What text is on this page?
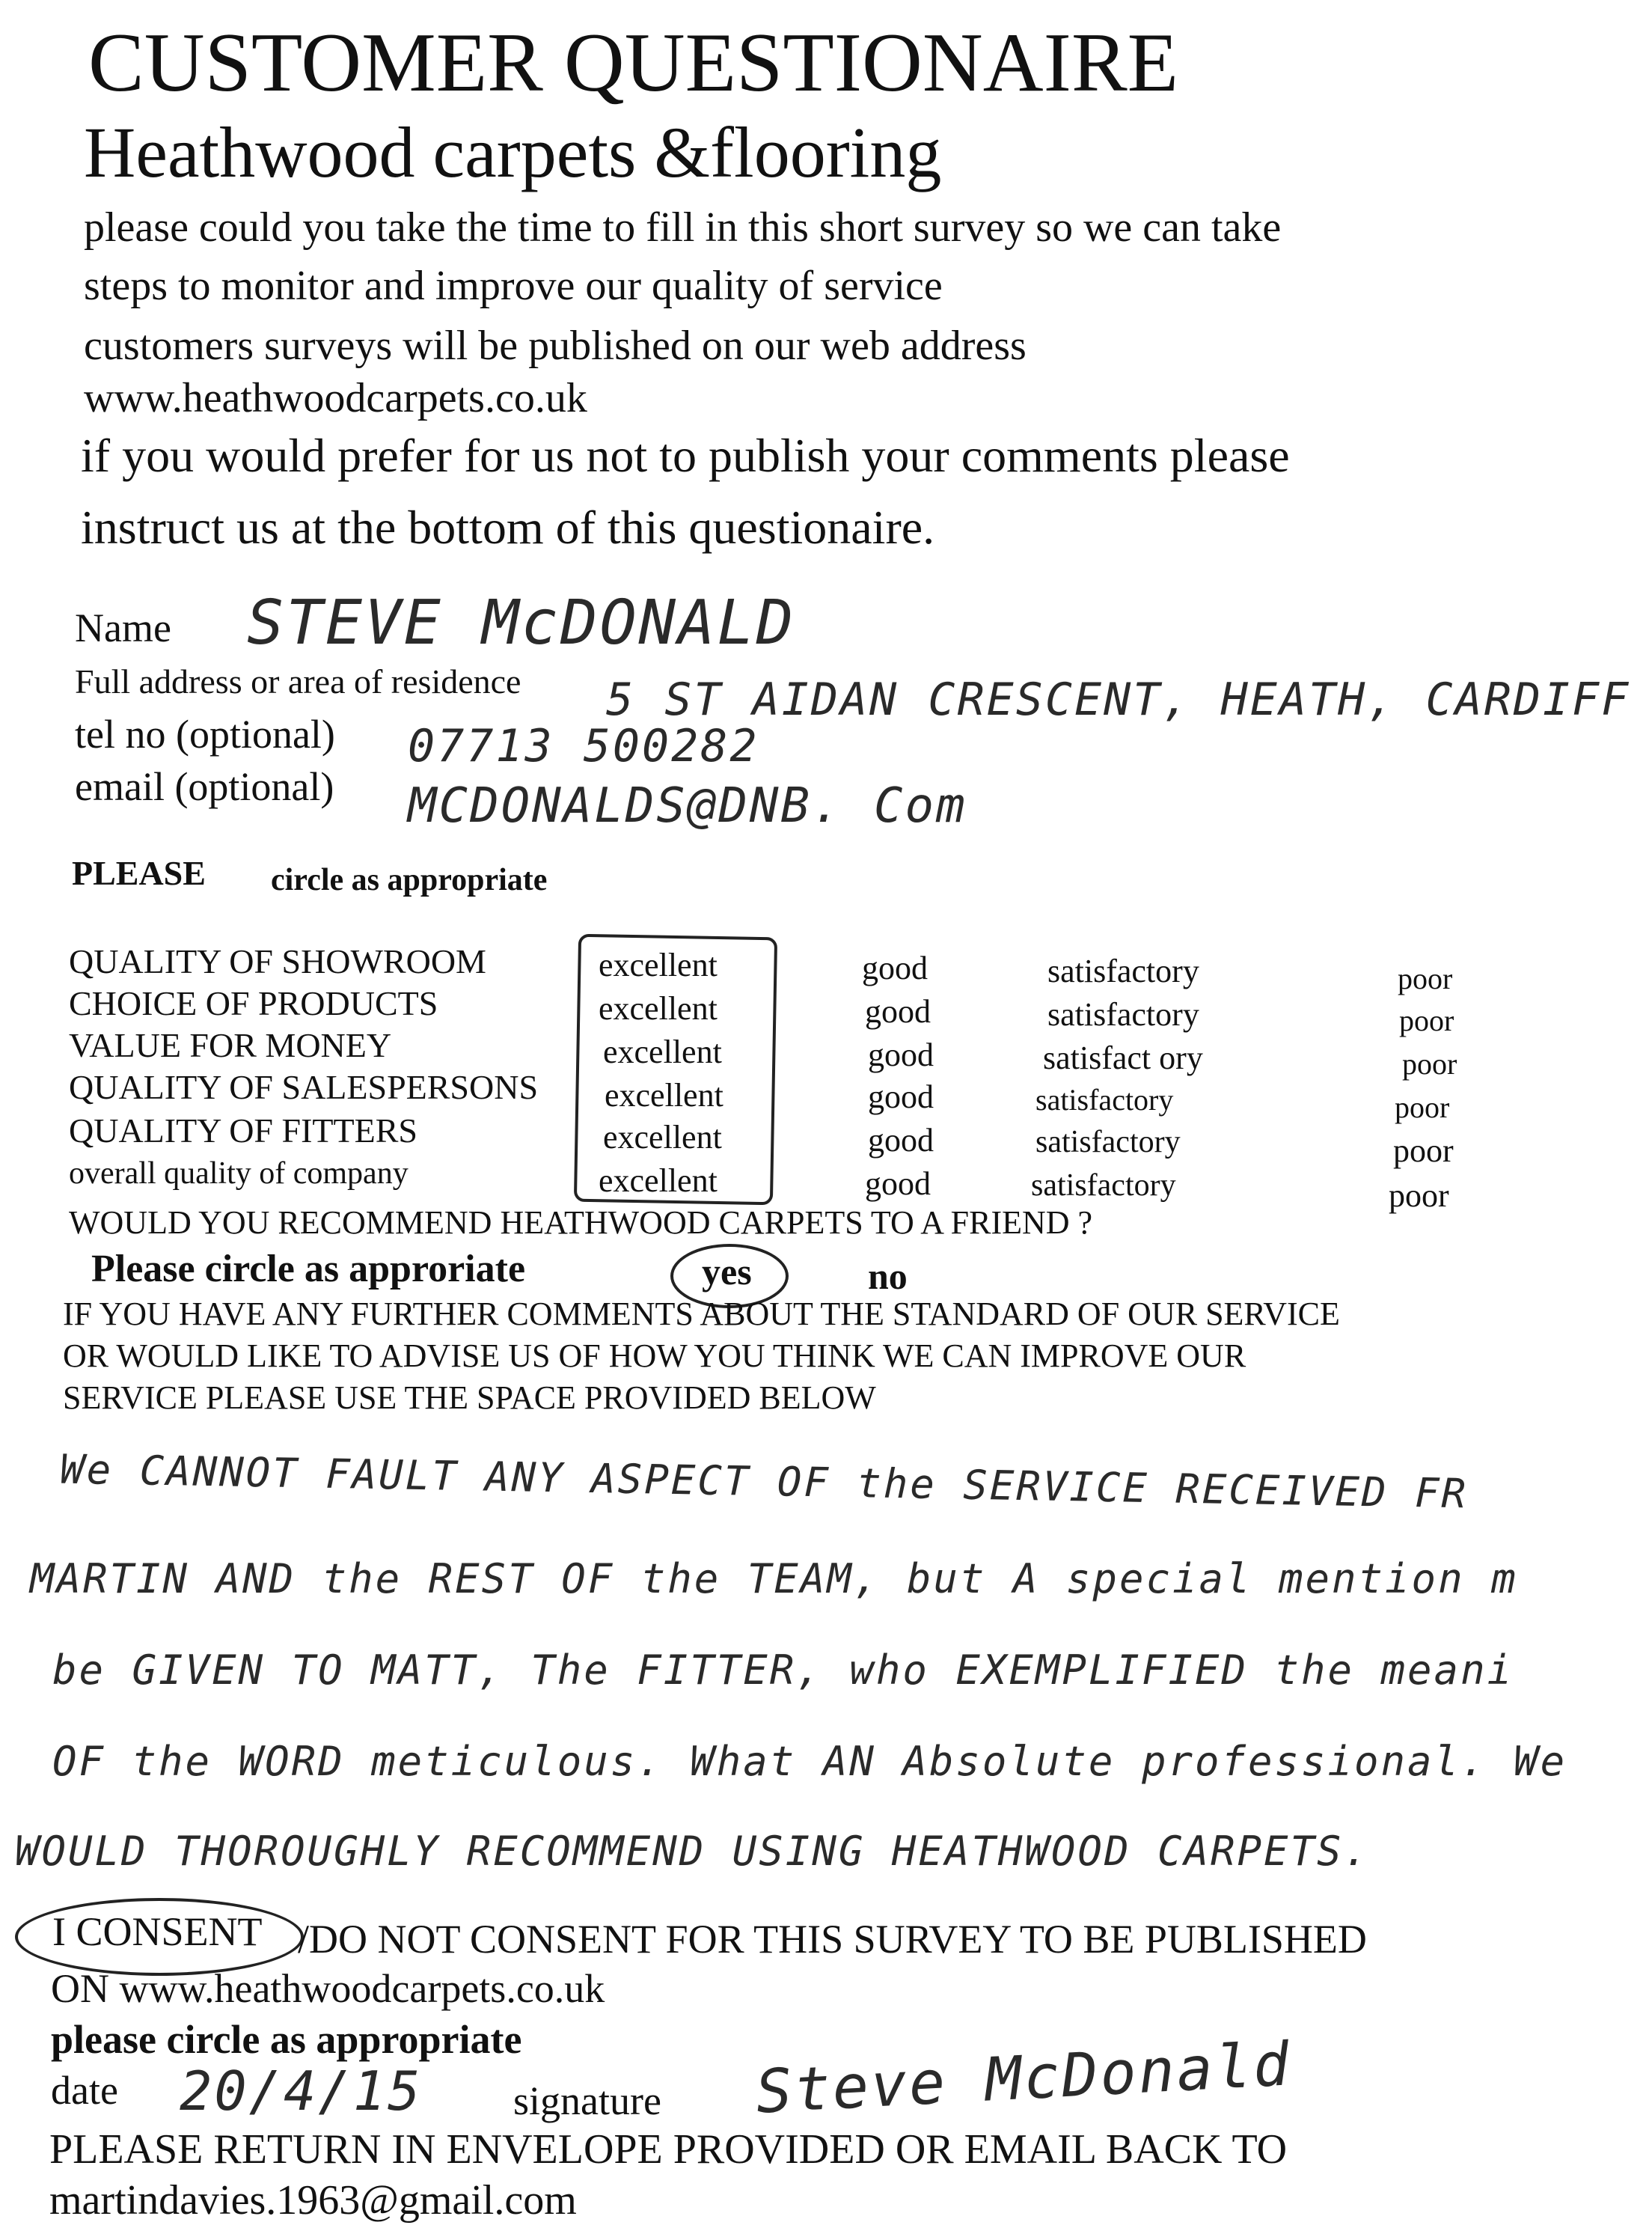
CUSTOMER QUESTIONAIRE
Heathwood carpets &flooring
please could you take the time to fill in this short survey so we can take
steps to monitor and improve our quality of service
customers surveys will be published on our web address
www.heathwoodcarpets.co.uk
if you would prefer for us not to publish your comments please
instruct us at the bottom of this questionaire.
Name STEVE McDONALD
Full address or area of residence 5 ST AIDAN CRESCENT, HEATH, CARDIFF
tel no (optional) 07713 500282
email (optional) MCDONALDS@DNB. Com
PLEASE circle as appropriate
QUALITY OF SHOWROOM	excellent	good	satisfactory	poor
CHOICE OF PRODUCTS	excellent	good	satisfactory	poor
VALUE FOR MONEY	excellent	good	satisfact ory	poor
QUALITY OF SALESPERSONS excellent	good	satisfactory	poor
QUALITY OF FITTERS	excellent	good	satisfactory	poor
overall quality of company	excellent	good	satisfactory	poor
WOULD YOU RECOMMEND HEATHWOOD CARPETS TO A FRIEND ?
Please circle as approriate	yes	no
IF YOU HAVE ANY FURTHER COMMENTS ABOUT THE STANDARD OF OUR SERVICE
OR WOULD LIKE TO ADVISE US OF HOW YOU THINK WE CAN IMPROVE OUR
SERVICE PLEASE USE THE SPACE PROVIDED BELOW
We CANNOT FAULT ANY ASPECT OF the SERVICE RECEIVED FR
MARTIN AND the REST OF the TEAM, but A special mention m
be GIVEN TO MATT, The FITTER, who EXEMPLIFIED the meani
OF the WORD meticulous. What AN Absolute professional. We
WOULD THOROUGHLY RECOMMEND USING HEATHWOOD CARPETS.
I CONSENT /DO NOT CONSENT FOR THIS SURVEY TO BE PUBLISHED
ON www.heathwoodcarpets.co.uk
please circle as appropriate
date 20/4/15 signature Steve McDonald
PLEASE RETURN IN ENVELOPE PROVIDED OR EMAIL BACK TO
martindavies.1963@gmail.com
